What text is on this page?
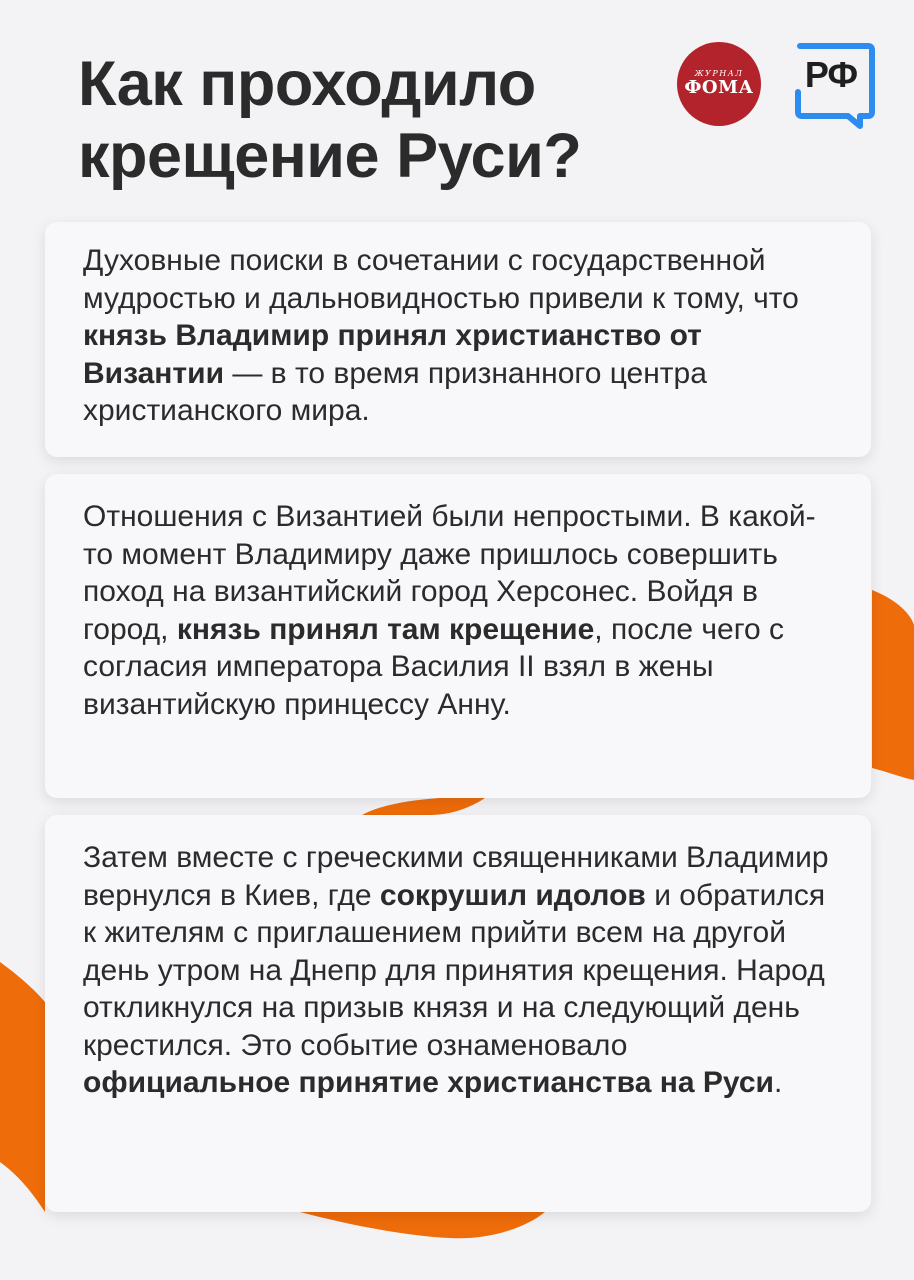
Как проходило
крещение Руси?
ЖУРНАЛ
ФОМА	РФ

Духовные поиски в сочетании с государственной мудростью и дальновидностью привели к тому, что князь Владимир принял христианство от Византии — в то время признанного центра христианского мира.

Отношения с Византией были непростыми. В какой-то момент Владимиру даже пришлось совершить поход на византийский город Херсонес. Войдя в город, князь принял там крещение, после чего с согласия императора Василия II взял в жены византийскую принцессу Анну.

Затем вместе с греческими священниками Владимир вернулся в Киев, где сокрушил идолов и обратился к жителям с приглашением прийти всем на другой день утром на Днепр для принятия крещения. Народ откликнулся на призыв князя и на следующий день крестился. Это событие ознаменовало официальное принятие христианства на Руси.
